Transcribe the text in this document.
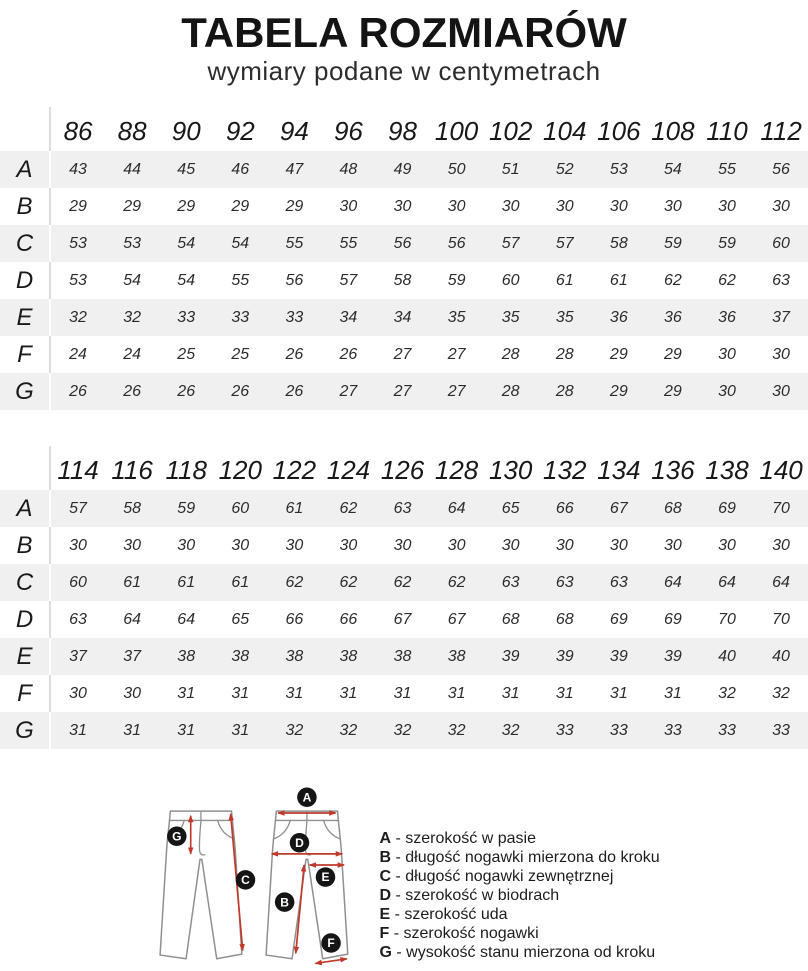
TABELA ROZMIARÓW
wymiary podane w centymetrach
86 88 90 92 94 96 98 100 102 104 106 108 110 112
A	43	44	45	46	47	48	49	50	51	52	53	54	55	56
B	29	29	29	29	29	30	30	30	30	30	30	30	30	30
C	53	53	54	54	55	55	56	56	57	57	58	59	59	60
D	53	54	54	55	56	57	58	59	60	61	61	62	62	63
E	32	32	33	33	33	34	34	35	35	35	36	36	36	37
F	24	24	25	25	26	26	27	27	28	28	29	29	30	30
G	26	26	26	26	26	27	27	27	28	28	29	29	30	30
114 116 118 120 122 124 126 128 130 132 134 136 138 140
A	57	58	59	60	61	62	63	64	65	66	67	68	69	70
B	30	30	30	30	30	30	30	30	30	30	30	30	30	30
C	60	61	61	61	62	62	62	62	63	63	63	64	64	64
D	63	64	64	65	66	66	67	67	68	68	69	69	70	70
E	37	37	38	38	38	38	38	38	39	39	39	39	40	40
F	30	30	31	31	31	31	31	31	31	31	31	31	32	32
G	31	31	31	31	32	32	32	32	32	33	33	33	33	33
G
C
A
D
E
B
F
A - szerokość w pasie
B - długość nogawki mierzona do kroku
C - długość nogawki zewnętrznej
D - szerokość w biodrach
E - szerokość uda
F - szerokość nogawki
G - wysokość stanu mierzona od kroku
